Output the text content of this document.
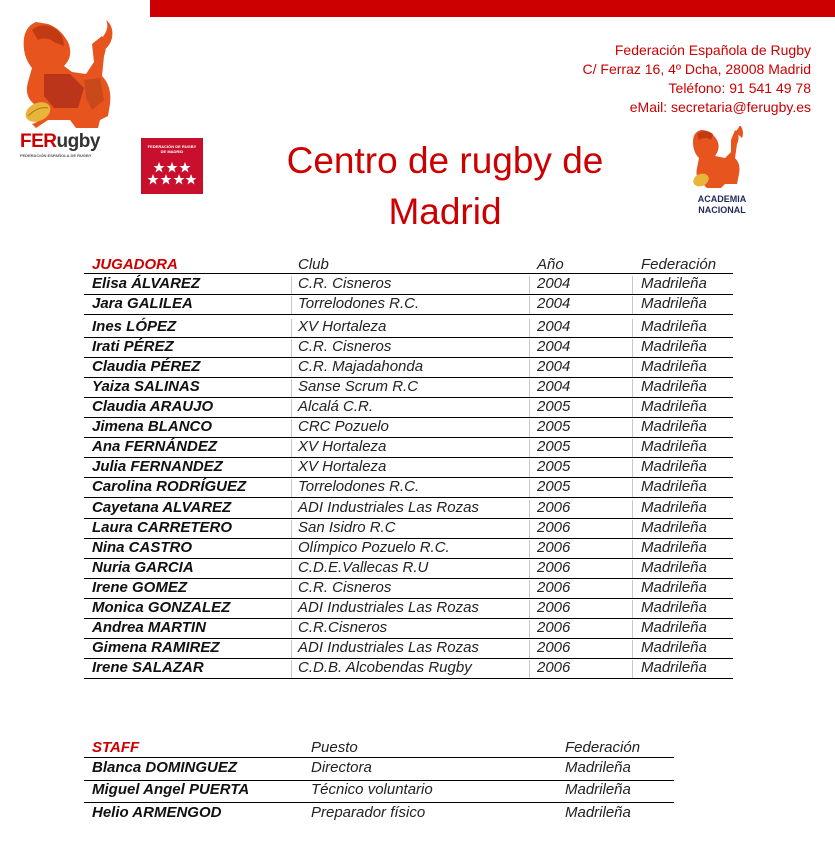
FERugby
FEDERACIÓN ESPAÑOLA DE RUGBY
Federación Española de Rugby
C/ Ferraz 16, 4º Dcha, 28008 Madrid
Teléfono: 91 541 49 78
eMail: secretaria@ferugby.es
FEDERACIÓN DE RUGBY DE MADRID	Centro de rugby de
Madrid	ACADEMIA
NACIONAL
JUGADORA	Club	Año	Federación
Elisa ÁLVAREZ	C.R. Cisneros	2004	Madrileña
Jara GALILEA	Torrelodones R.C.	2004	Madrileña
Ines LÓPEZ	XV Hortaleza	2004	Madrileña
Irati PÉREZ	C.R. Cisneros	2004	Madrileña
Claudia PÉREZ	C.R. Majadahonda	2004	Madrileña
Yaiza SALINAS	Sanse Scrum R.C	2004	Madrileña
Claudia ARAUJO	Alcalá C.R.	2005	Madrileña
Jimena BLANCO	CRC Pozuelo	2005	Madrileña
Ana FERNÁNDEZ	XV Hortaleza	2005	Madrileña
Julia FERNANDEZ	XV Hortaleza	2005	Madrileña
Carolina RODRÍGUEZ	Torrelodones R.C.	2005	Madrileña
Cayetana ALVAREZ	ADI Industriales Las Rozas	2006	Madrileña
Laura CARRETERO	San Isidro R.C	2006	Madrileña
Nina CASTRO	Olímpico Pozuelo R.C.	2006	Madrileña
Nuria GARCIA	C.D.E.Vallecas R.U	2006	Madrileña
Irene GOMEZ	C.R. Cisneros	2006	Madrileña
Monica GONZALEZ	ADI Industriales Las Rozas	2006	Madrileña
Andrea MARTIN	C.R.Cisneros	2006	Madrileña
Gimena RAMIREZ	ADI Industriales Las Rozas	2006	Madrileña
Irene SALAZAR	C.D.B. Alcobendas Rugby	2006	Madrileña
STAFF	Puesto	Federación
Blanca DOMINGUEZ	Directora	Madrileña
Miguel Angel PUERTA	Técnico voluntario	Madrileña
Helio ARMENGOD	Preparador físico	Madrileña
